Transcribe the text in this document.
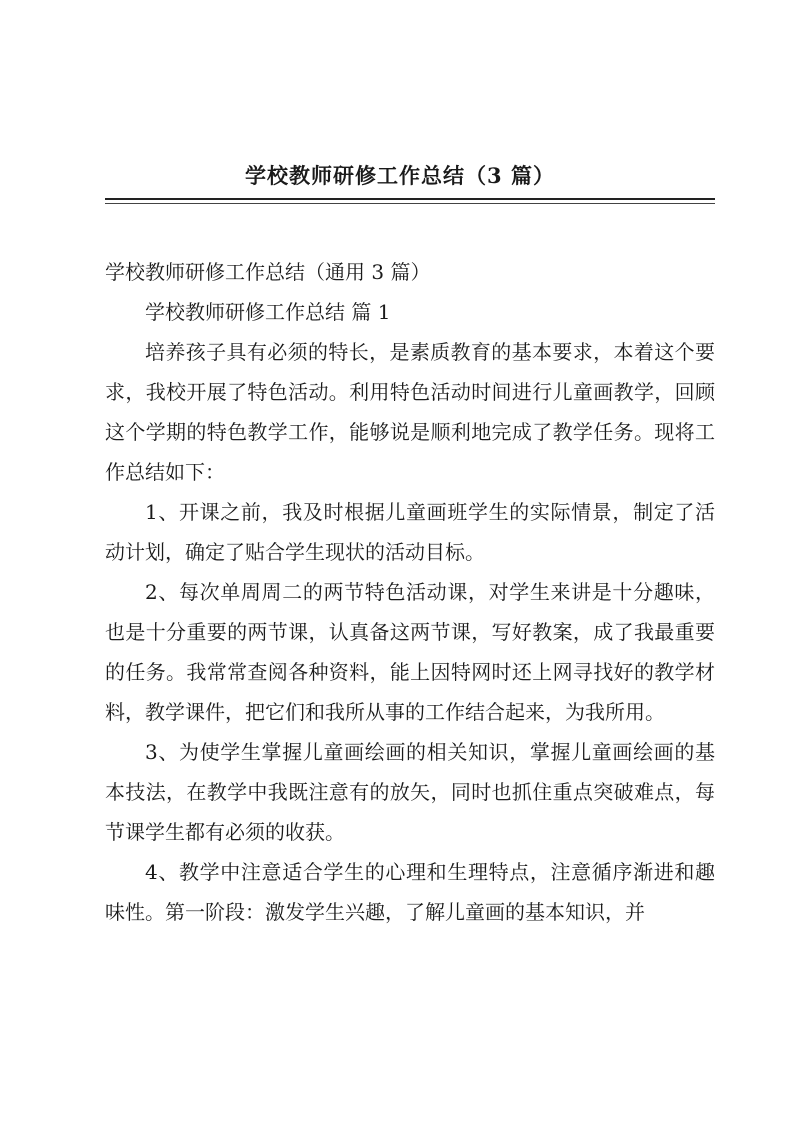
学校教师研修工作总结（3 篇）

学校教师研修工作总结（通用 3 篇）

学校教师研修工作总结 篇 1

培养孩子具有必须的特长，是素质教育的基本要求，本着这个要求，我校开展了特色活动。利用特色活动时间进行儿童画教学，回顾这个学期的特色教学工作，能够说是顺利地完成了教学任务。现将工作总结如下：

1、开课之前，我及时根据儿童画班学生的实际情景，制定了活动计划，确定了贴合学生现状的活动目标。

2、每次单周周二的两节特色活动课，对学生来讲是十分趣味，也是十分重要的两节课，认真备这两节课，写好教案，成了我最重要的任务。我常常查阅各种资料，能上因特网时还上网寻找好的教学材料，教学课件，把它们和我所从事的工作结合起来，为我所用。

3、为使学生掌握儿童画绘画的相关知识，掌握儿童画绘画的基本技法，在教学中我既注意有的放矢，同时也抓住重点突破难点，每节课学生都有必须的收获。

4、教学中注意适合学生的心理和生理特点，注意循序渐进和趣味性。第一阶段：激发学生兴趣，了解儿童画的基本知识，并
